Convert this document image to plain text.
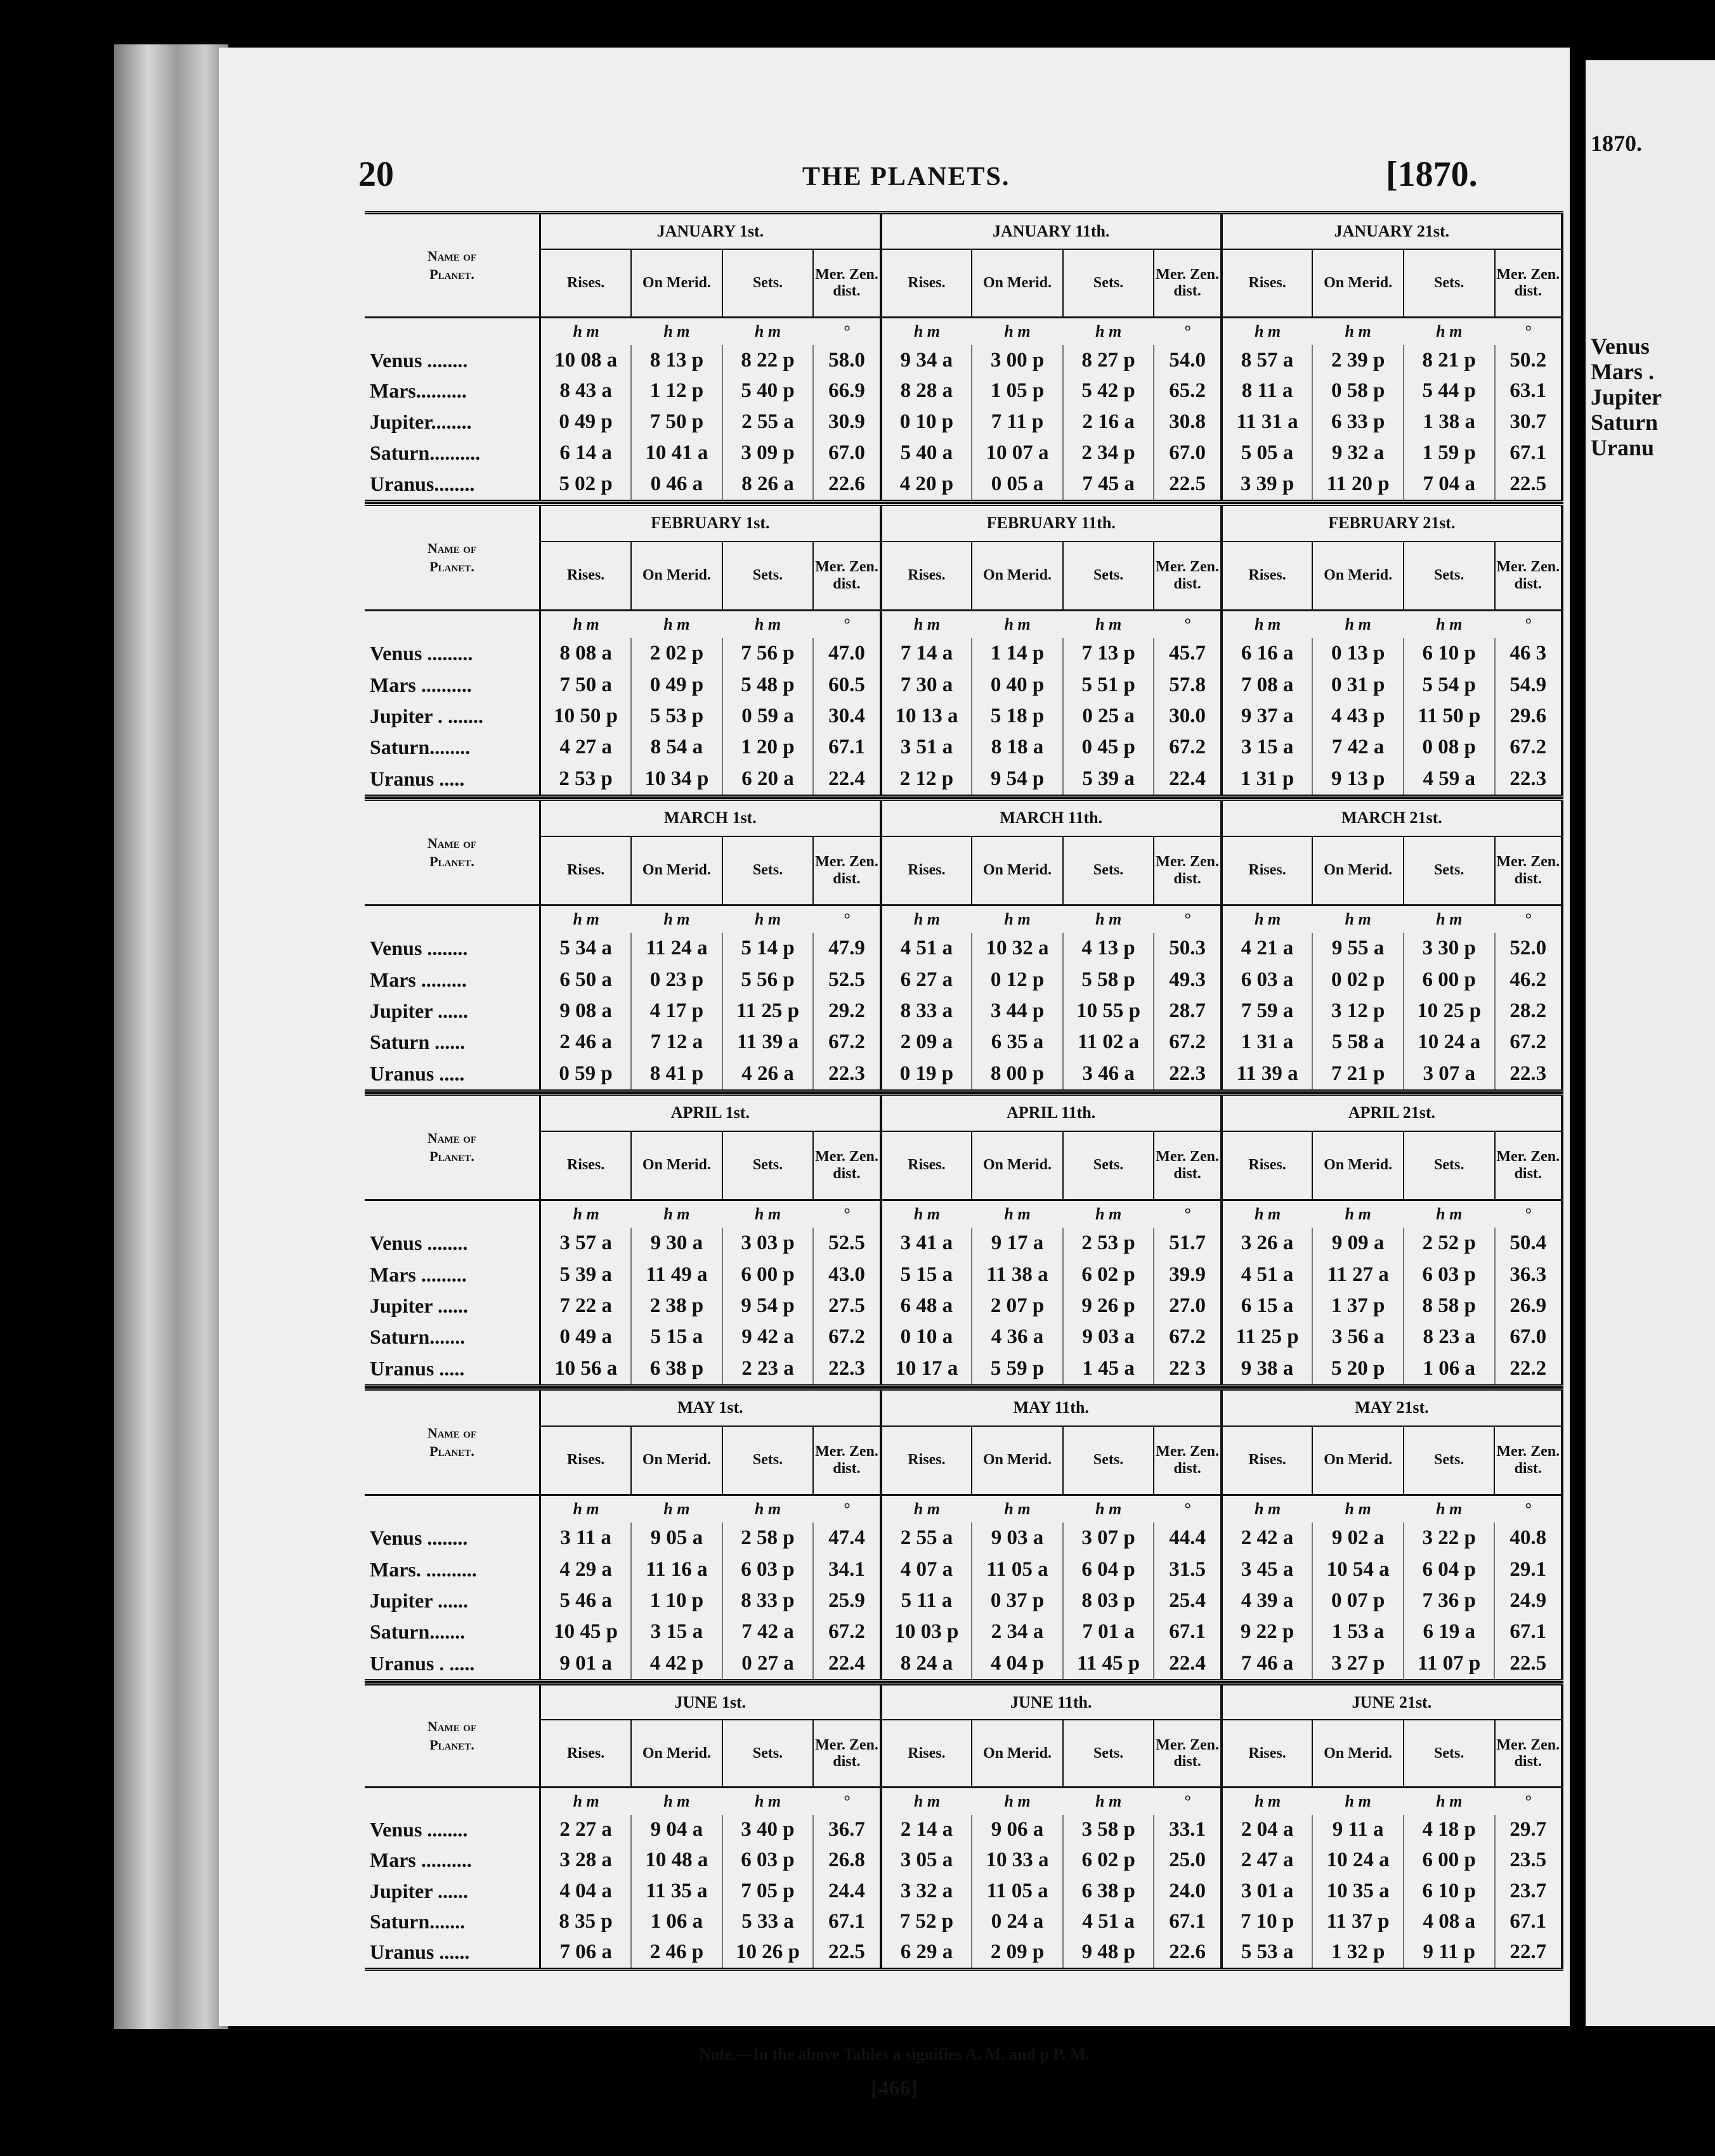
20	THE PLANETS.	[1870.
Name of
Planet.	JANUARY 1st.				JANUARY 11th.				JANUARY 21st.			
	Rises.	On Merid.	Sets.	Mer. Zen. dist.	Rises.	On Merid.	Sets.	Mer. Zen. dist.	Rises.	On Merid.	Sets.	Mer. Zen. dist.
	h m	h m	h m	°	h m	h m	h m	°	h m	h m	h m	°
Venus ........	10 08 a	8 13 p	8 22 p	58.0	9 34 a	3 00 p	8 27 p	54.0	8 57 a	2 39 p	8 21 p	50.2
Mars..........	8 43 a	1 12 p	5 40 p	66.9	8 28 a	1 05 p	5 42 p	65.2	8 11 a	0 58 p	5 44 p	63.1
Jupiter........	0 49 p	7 50 p	2 55 a	30.9	0 10 p	7 11 p	2 16 a	30.8	11 31 a	6 33 p	1 38 a	30.7
Saturn..........	6 14 a	10 41 a	3 09 p	67.0	5 40 a	10 07 a	2 34 p	67.0	5 05 a	9 32 a	1 59 p	67.1
Uranus........	5 02 p	0 46 a	8 26 a	22.6	4 20 p	0 05 a	7 45 a	22.5	3 39 p	11 20 p	7 04 a	22.5
Name of
Planet.	FEBRUARY 1st.				FEBRUARY 11th.				FEBRUARY 21st.			
	Rises.	On Merid.	Sets.	Mer. Zen. dist.	Rises.	On Merid.	Sets.	Mer. Zen. dist.	Rises.	On Merid.	Sets.	Mer. Zen. dist.
	h m	h m	h m	°	h m	h m	h m	°	h m	h m	h m	°
Venus .........	8 08 a	2 02 p	7 56 p	47.0	7 14 a	1 14 p	7 13 p	45.7	6 16 a	0 13 p	6 10 p	46 3
Mars ..........	7 50 a	0 49 p	5 48 p	60.5	7 30 a	0 40 p	5 51 p	57.8	7 08 a	0 31 p	5 54 p	54.9
Jupiter . .......	10 50 p	5 53 p	0 59 a	30.4	10 13 a	5 18 p	0 25 a	30.0	9 37 a	4 43 p	11 50 p	29.6
Saturn........	4 27 a	8 54 a	1 20 p	67.1	3 51 a	8 18 a	0 45 p	67.2	3 15 a	7 42 a	0 08 p	67.2
Uranus .....	2 53 p	10 34 p	6 20 a	22.4	2 12 p	9 54 p	5 39 a	22.4	1 31 p	9 13 p	4 59 a	22.3
Name of
Planet.	MARCH 1st.				MARCH 11th.				MARCH 21st.			
	Rises.	On Merid.	Sets.	Mer. Zen. dist.	Rises.	On Merid.	Sets.	Mer. Zen. dist.	Rises.	On Merid.	Sets.	Mer. Zen. dist.
	h m	h m	h m	°	h m	h m	h m	°	h m	h m	h m	°
Venus ........	5 34 a	11 24 a	5 14 p	47.9	4 51 a	10 32 a	4 13 p	50.3	4 21 a	9 55 a	3 30 p	52.0
Mars .........	6 50 a	0 23 p	5 56 p	52.5	6 27 a	0 12 p	5 58 p	49.3	6 03 a	0 02 p	6 00 p	46.2
Jupiter ......	9 08 a	4 17 p	11 25 p	29.2	8 33 a	3 44 p	10 55 p	28.7	7 59 a	3 12 p	10 25 p	28.2
Saturn ......	2 46 a	7 12 a	11 39 a	67.2	2 09 a	6 35 a	11 02 a	67.2	1 31 a	5 58 a	10 24 a	67.2
Uranus .....	0 59 p	8 41 p	4 26 a	22.3	0 19 p	8 00 p	3 46 a	22.3	11 39 a	7 21 p	3 07 a	22.3
Name of
Planet.	APRIL 1st.				APRIL 11th.				APRIL 21st.			
	Rises.	On Merid.	Sets.	Mer. Zen. dist.	Rises.	On Merid.	Sets.	Mer. Zen. dist.	Rises.	On Merid.	Sets.	Mer. Zen. dist.
	h m	h m	h m	°	h m	h m	h m	°	h m	h m	h m	°
Venus ........	3 57 a	9 30 a	3 03 p	52.5	3 41 a	9 17 a	2 53 p	51.7	3 26 a	9 09 a	2 52 p	50.4
Mars .........	5 39 a	11 49 a	6 00 p	43.0	5 15 a	11 38 a	6 02 p	39.9	4 51 a	11 27 a	6 03 p	36.3
Jupiter ......	7 22 a	2 38 p	9 54 p	27.5	6 48 a	2 07 p	9 26 p	27.0	6 15 a	1 37 p	8 58 p	26.9
Saturn.......	0 49 a	5 15 a	9 42 a	67.2	0 10 a	4 36 a	9 03 a	67.2	11 25 p	3 56 a	8 23 a	67.0
Uranus .....	10 56 a	6 38 p	2 23 a	22.3	10 17 a	5 59 p	1 45 a	22 3	9 38 a	5 20 p	1 06 a	22.2
Name of
Planet.	MAY 1st.				MAY 11th.				MAY 21st.			
	Rises.	On Merid.	Sets.	Mer. Zen. dist.	Rises.	On Merid.	Sets.	Mer. Zen. dist.	Rises.	On Merid.	Sets.	Mer. Zen. dist.
	h m	h m	h m	°	h m	h m	h m	°	h m	h m	h m	°
Venus ........	3 11 a	9 05 a	2 58 p	47.4	2 55 a	9 03 a	3 07 p	44.4	2 42 a	9 02 a	3 22 p	40.8
Mars. ..........	4 29 a	11 16 a	6 03 p	34.1	4 07 a	11 05 a	6 04 p	31.5	3 45 a	10 54 a	6 04 p	29.1
Jupiter ......	5 46 a	1 10 p	8 33 p	25.9	5 11 a	0 37 p	8 03 p	25.4	4 39 a	0 07 p	7 36 p	24.9
Saturn.......	10 45 p	3 15 a	7 42 a	67.2	10 03 p	2 34 a	7 01 a	67.1	9 22 p	1 53 a	6 19 a	67.1
Uranus . .....	9 01 a	4 42 p	0 27 a	22.4	8 24 a	4 04 p	11 45 p	22.4	7 46 a	3 27 p	11 07 p	22.5
Name of
Planet.	JUNE 1st.				JUNE 11th.				JUNE 21st.			
	Rises.	On Merid.	Sets.	Mer. Zen. dist.	Rises.	On Merid.	Sets.	Mer. Zen. dist.	Rises.	On Merid.	Sets.	Mer. Zen. dist.
	h m	h m	h m	°	h m	h m	h m	°	h m	h m	h m	°
Venus ........	2 27 a	9 04 a	3 40 p	36.7	2 14 a	9 06 a	3 58 p	33.1	2 04 a	9 11 a	4 18 p	29.7
Mars ..........	3 28 a	10 48 a	6 03 p	26.8	3 05 a	10 33 a	6 02 p	25.0	2 47 a	10 24 a	6 00 p	23.5
Jupiter ......	4 04 a	11 35 a	7 05 p	24.4	3 32 a	11 05 a	6 38 p	24.0	3 01 a	10 35 a	6 10 p	23.7
Saturn.......	8 35 p	1 06 a	5 33 a	67.1	7 52 p	0 24 a	4 51 a	67.1	7 10 p	11 37 p	4 08 a	67.1
Uranus ......	7 06 a	2 46 p	10 26 p	22.5	6 29 a	2 09 p	9 48 p	22.6	5 53 a	1 32 p	9 11 p	22.7
Note.—In the above Tables a signifies A. M. and p P. M.
[466]
1870.
Venus
Mars .
Jupiter
Saturn
Uranu
